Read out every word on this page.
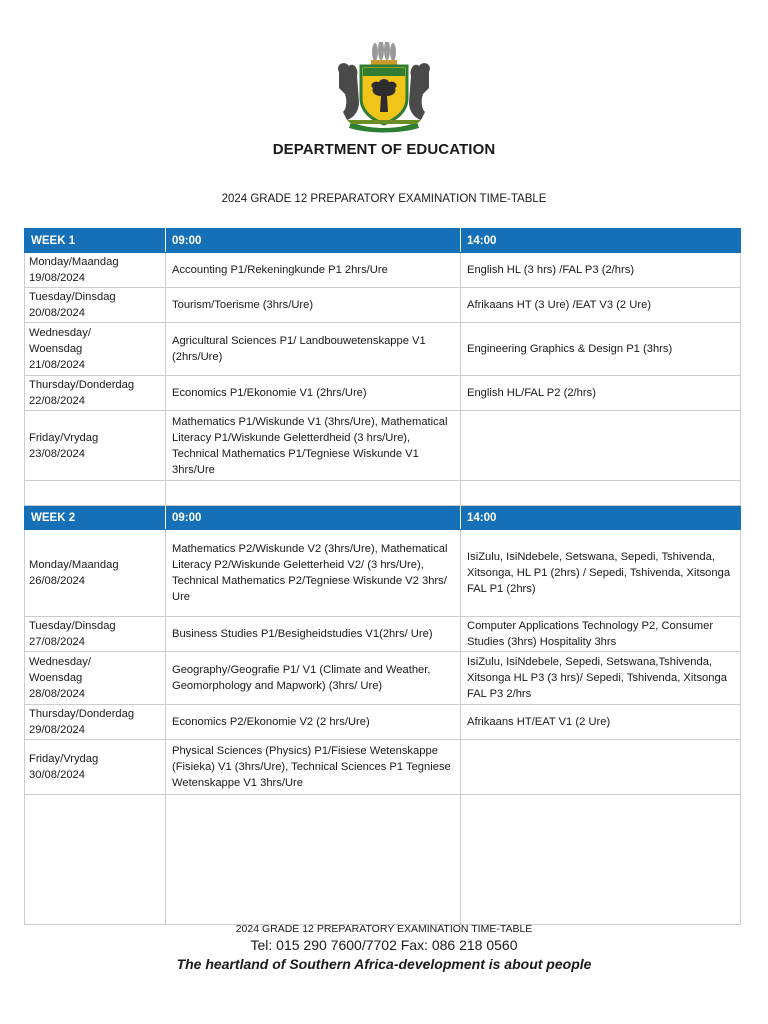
DEPARTMENT OF EDUCATION
2024 GRADE 12 PREPARATORY EXAMINATION TIME-TABLE
WEEK 1	09:00	14:00
Monday/Maandag
19/08/2024	Accounting P1/Rekeningkunde P1 2hrs/Ure	English HL (3 hrs) /FAL P3 (2/hrs)
Tuesday/Dinsdag
20/08/2024	Tourism/Toerisme (3hrs/Ure)	Afrikaans HT (3 Ure) /EAT V3 (2 Ure)
Wednesday/
Woensdag
21/08/2024	Agricultural Sciences P1/ Landbouwetenskappe V1 (2hrs/Ure)	Engineering Graphics & Design P1 (3hrs)
Thursday/Donderdag
22/08/2024	Economics P1/Ekonomie V1 (2hrs/Ure)	English HL/FAL P2 (2/hrs)
Friday/Vrydag
23/08/2024	Mathematics P1/Wiskunde V1 (3hrs/Ure), Mathematical Literacy P1/Wiskunde Geletterdheid (3 hrs/Ure), Technical Mathematics P1/Tegniese Wiskunde V1 3hrs/Ure	

WEEK 2	09:00	14:00
Monday/Maandag
26/08/2024	Mathematics P2/Wiskunde V2 (3hrs/Ure), Mathematical Literacy P2/Wiskunde Geletterheid V2/ (3 hrs/Ure), Technical Mathematics P2/Tegniese Wiskunde V2 3hrs/ Ure	IsiZulu, IsiNdebele, Setswana, Sepedi, Tshivenda, Xitsonga, HL P1 (2hrs) / Sepedi, Tshivenda, Xitsonga FAL P1 (2hrs)
Tuesday/Dinsdag
27/08/2024	Business Studies P1/Besigheidstudies V1(2hrs/ Ure)	Computer Applications Technology P2, Consumer Studies (3hrs) Hospitality 3hrs
Wednesday/
Woensdag
28/08/2024	Geography/Geografie P1/ V1 (Climate and Weather, Geomorphology and Mapwork) (3hrs/ Ure)	IsiZulu, IsiNdebele, Sepedi, Setswana,Tshivenda, Xitsonga HL P3 (3 hrs)/ Sepedi, Tshivenda, Xitsonga FAL P3 2/hrs
Thursday/Donderdag
29/08/2024	Economics P2/Ekonomie V2 (2 hrs/Ure)	Afrikaans HT/EAT V1 (2 Ure)
Friday/Vrydag
30/08/2024	Physical Sciences (Physics) P1/Fisiese Wetenskappe (Fisieka) V1 (3hrs/Ure), Technical Sciences P1 Tegniese Wetenskappe V1 3hrs/Ure	

2024 GRADE 12 PREPARATORY EXAMINATION TIME-TABLE
Tel: 015 290 7600/7702 Fax: 086 218 0560
The heartland of Southern Africa-development is about people
